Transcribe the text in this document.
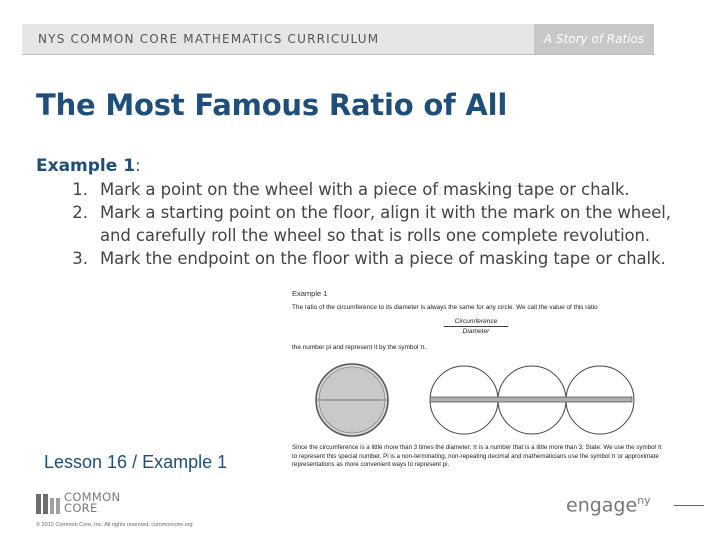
NYS COMMON CORE MATHEMATICS CURRICULUM	A Story of Ratios
The Most Famous Ratio of All
Example 1:
1. Mark a point on the wheel with a piece of masking tape or chalk.
2. Mark a starting point on the floor, align it with the mark on the wheel, and carefully roll the wheel so that is rolls one complete revolution.
3. Mark the endpoint on the floor with a piece of masking tape or chalk.
Example 1
The ratio of the circumference to its diameter is always the same for any circle. We call the value of this ratio
Circumference
Diameter
the number pi and represent it by the symbol π.
Since the circumference is a little more than 3 times the diameter, π is a number that is a little more than 3. State: We use the symbol π to represent this special number. Pi is a non-terminating, non-repeating decimal and mathematicians use the symbol π or approximate representations as more convenient ways to represent pi.
Lesson 16 / Example 1
COMMON
CORE
© 2012 Common Core, Inc. All rights reserved. commoncore.org
engage$^{ny}$
